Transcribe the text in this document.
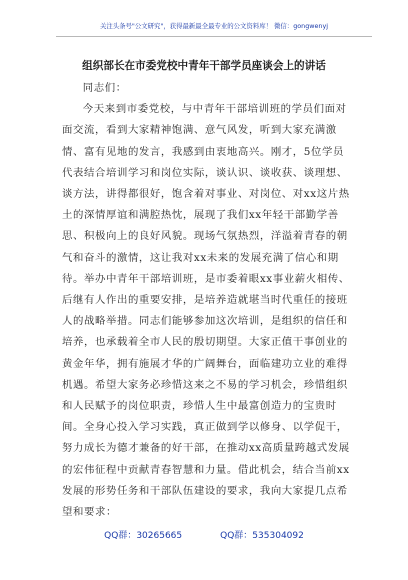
关注头条号"公文研究"，获得最新最全最专业的公文资料库！ 微信：gongwenyj
组织部长在市委党校中青年干部学员座谈会上的讲话

同志们：

今天来到市委党校，与中青年干部培训班的学员们面对面交流，看到大家精神饱满、意气风发，听到大家充满激情、富有见地的发言，我感到由衷地高兴。刚才，5位学员代表结合培训学习和岗位实际，谈认识、谈收获、谈理想、谈方法，讲得都很好，饱含着对事业、对岗位、对xx这片热土的深情厚谊和满腔热忱，展现了我们xx年轻干部勤学善思、积极向上的良好风貌。现场气氛热烈，洋溢着青春的朝气和奋斗的激情，这让我对xx未来的发展充满了信心和期待。举办中青年干部培训班，是市委着眼xx事业薪火相传、后继有人作出的重要安排，是培养造就堪当时代重任的接班人的战略举措。同志们能够参加这次培训，是组织的信任和培养，也承载着全市人民的殷切期望。大家正值干事创业的黄金年华，拥有施展才华的广阔舞台，面临建功立业的难得机遇。希望大家务必珍惜这来之不易的学习机会，珍惜组织和人民赋予的岗位职责，珍惜人生中最富创造力的宝贵时间。全身心投入学习实践，真正做到学以修身、以学促干，努力成长为德才兼备的好干部，在推动xx高质量跨越式发展的宏伟征程中贡献青春智慧和力量。借此机会，结合当前xx发展的形势任务和干部队伍建设的要求，我向大家提几点希望和要求：

QQ群：30265665	QQ群：535304092
